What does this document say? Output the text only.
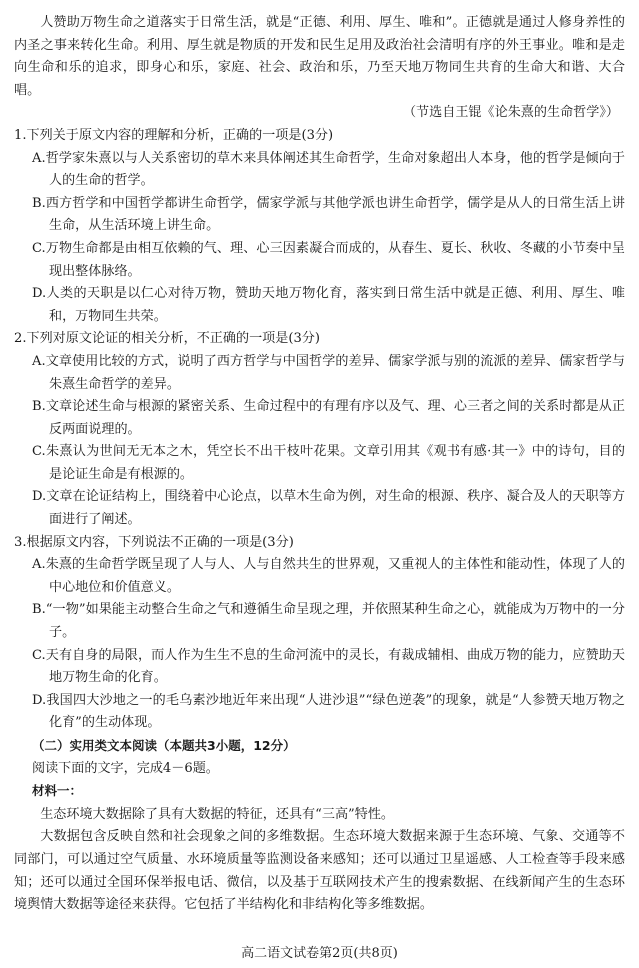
人赞助万物生命之道落实于日常生活，就是“正德、利用、厚生、唯和”。正德就是通过人修身养性的内圣之事来转化生命。利用、厚生就是物质的开发和民生足用及政治社会清明有序的外王事业。唯和是走向生命和乐的追求，即身心和乐，家庭、社会、政治和乐，乃至天地万物同生共育的生命大和谐、大合唱。

（节选自王锟《论朱熹的生命哲学》）

1.下列关于原文内容的理解和分析，正确的一项是(3分)

A.哲学家朱熹以与人关系密切的草木来具体阐述其生命哲学，生命对象超出人本身，他的哲学是倾向于人的生命的哲学。

B.西方哲学和中国哲学都讲生命哲学，儒家学派与其他学派也讲生命哲学，儒学是从人的日常生活上讲生命，从生活环境上讲生命。

C.万物生命都是由相互依赖的气、理、心三因素凝合而成的，从春生、夏长、秋收、冬藏的小节奏中呈现出整体脉络。

D.人类的天职是以仁心对待万物，赞助天地万物化育，落实到日常生活中就是正德、利用、厚生、唯和，万物同生共荣。

2.下列对原文论证的相关分析，不正确的一项是(3分)

A.文章使用比较的方式，说明了西方哲学与中国哲学的差异、儒家学派与别的流派的差异、儒家哲学与朱熹生命哲学的差异。

B.文章论述生命与根源的紧密关系、生命过程中的有理有序以及气、理、心三者之间的关系时都是从正反两面说理的。

C.朱熹认为世间无无本之木，凭空长不出干枝叶花果。文章引用其《观书有感·其一》中的诗句，目的是论证生命是有根源的。

D.文章在论证结构上，围绕着中心论点，以草木生命为例，对生命的根源、秩序、凝合及人的天职等方面进行了阐述。

3.根据原文内容，下列说法不正确的一项是(3分)

A.朱熹的生命哲学既呈现了人与人、人与自然共生的世界观，又重视人的主体性和能动性，体现了人的中心地位和价值意义。

B.“一物”如果能主动整合生命之气和遵循生命呈现之理，并依照某种生命之心，就能成为万物中的一分子。

C.天有自身的局限，而人作为生生不息的生命河流中的灵长，有裁成辅相、曲成万物的能力，应赞助天地万物生命的化育。

D.我国四大沙地之一的毛乌素沙地近年来出现“人进沙退”“绿色逆袭”的现象，就是“人参赞天地万物之化育”的生动体现。

（二）实用类文本阅读（本题共3小题，12分）

阅读下面的文字，完成4－6题。

材料一：

生态环境大数据除了具有大数据的特征，还具有“三高”特性。

大数据包含反映自然和社会现象之间的多维数据。生态环境大数据来源于生态环境、气象、交通等不同部门，可以通过空气质量、水环境质量等监测设备来感知；还可以通过卫星遥感、人工检查等手段来感知；还可以通过全国环保举报电话、微信，以及基于互联网技术产生的搜索数据、在线新闻产生的生态环境舆情大数据等途径来获得。它包括了半结构化和非结构化等多维数据。

高二语文试卷第2页(共8页)
